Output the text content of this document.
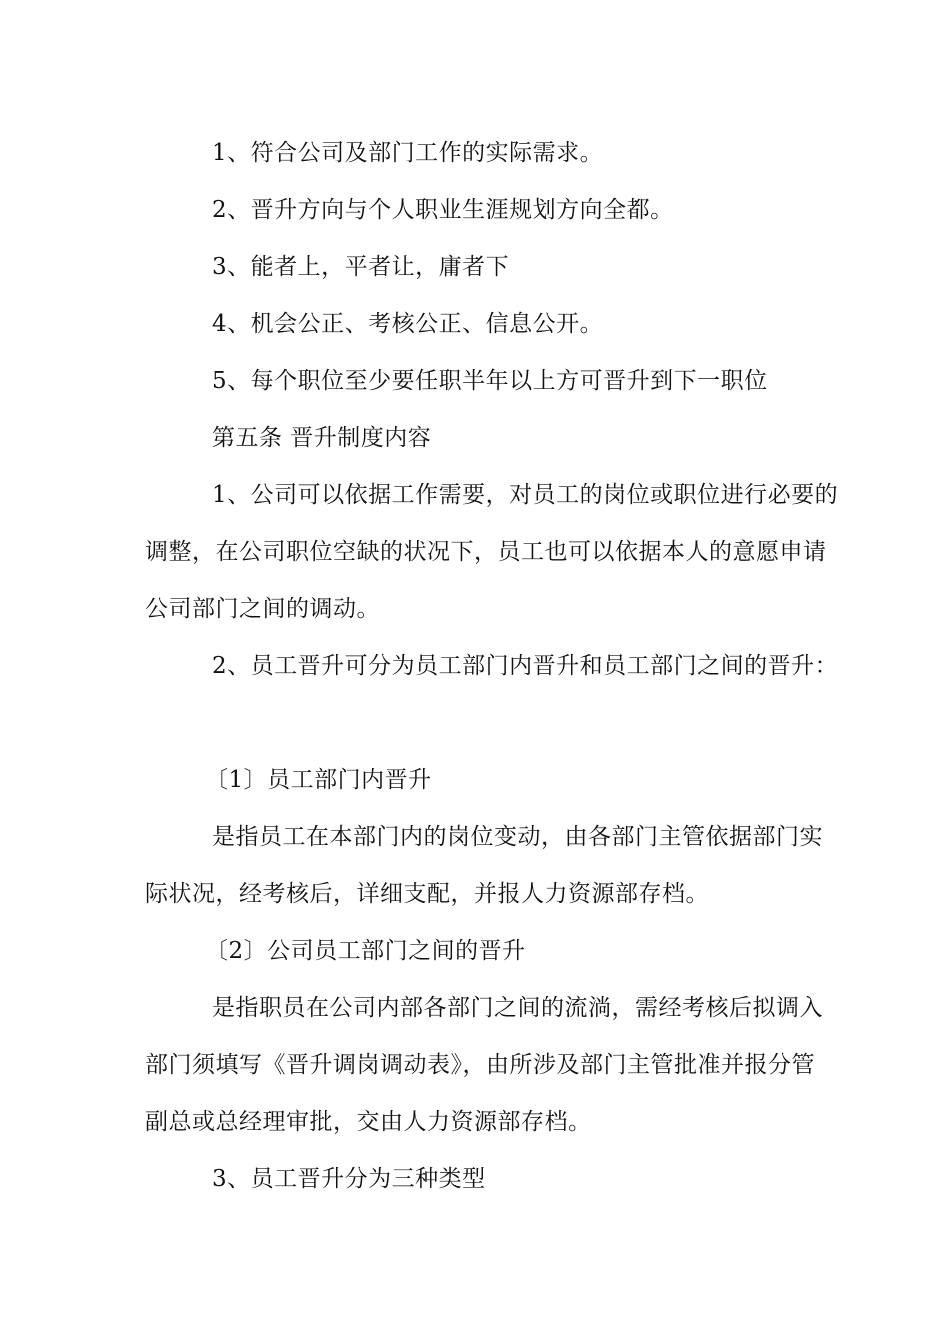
1、符合公司及部门工作的实际需求。
2、晋升方向与个人职业生涯规划方向全都。
3、能者上，平者让，庸者下
4、机会公正、考核公正、信息公开。
5、每个职位至少要任职半年以上方可晋升到下一职位
第五条 晋升制度内容
1、公司可以依据工作需要，对员工的岗位或职位进行必要的
调整，在公司职位空缺的状况下，员工也可以依据本人的意愿申请
公司部门之间的调动。
2、员工晋升可分为员工部门内晋升和员工部门之间的晋升：
〔1〕员工部门内晋升
是指员工在本部门内的岗位变动，由各部门主管依据部门实
际状况，经考核后，详细支配，并报人力资源部存档。
〔2〕公司员工部门之间的晋升
是指职员在公司内部各部门之间的流淌，需经考核后拟调入
部门须填写《晋升调岗调动表》，由所涉及部门主管批准并报分管
副总或总经理审批，交由人力资源部存档。
3、员工晋升分为三种类型
